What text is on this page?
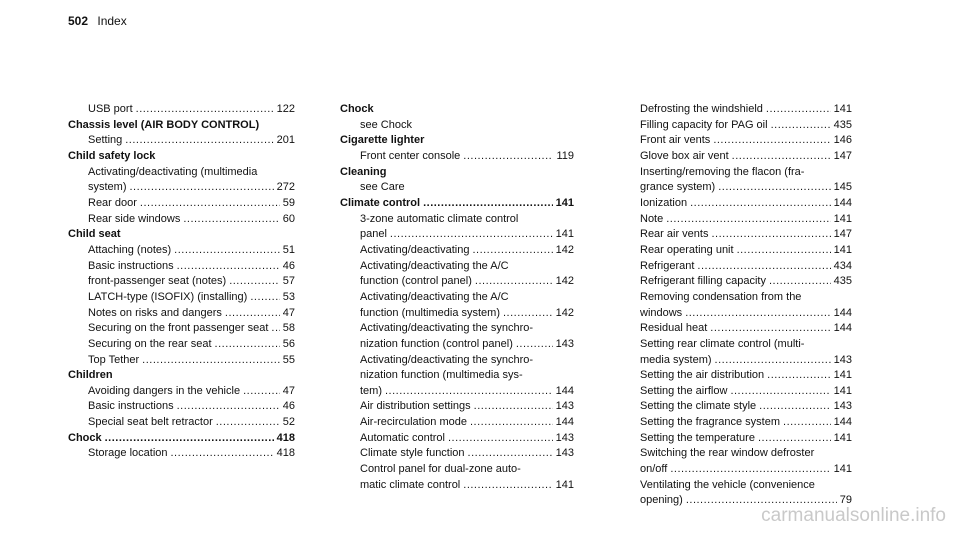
502 Index
USB port .....	122
Chassis level (AIR BODY CONTROL)
Setting .....	201
Child safety lock
Activating/deactivating (multimedia
system) .....	272
Rear door .....	59
Rear side windows .....	60
Child seat
Attaching (notes) .....	51
Basic instructions .....	46
front-passenger seat (notes) .....	57
LATCH-type (ISOFIX) (installing) .....	53
Notes on risks and dangers .....	47
Securing on the front passenger seat ..... 58
Securing on the rear seat .....	56
Top Tether .....	55
Children
Avoiding dangers in the vehicle .....	47
Basic instructions .....	46
Special seat belt retractor .....	52
Chock .....	418
Storage location .....	418
Chock
see Chock
Cigarette lighter
Front center console .....	119
Cleaning
see Care
Climate control .....	141
3-zone automatic climate control
panel .....	141
Activating/deactivating .....	142
Activating/deactivating the A/C
function (control panel) .....	142
Activating/deactivating the A/C
function (multimedia system) .....	142
Activating/deactivating the synchro-
nization function (control panel) .....	143
Activating/deactivating the synchro-
nization function (multimedia sys-
tem) .....	144
Air distribution settings .....	143
Air-recirculation mode .....	144
Automatic control .....	143
Climate style function .....	143
Control panel for dual-zone auto-
matic climate control .....	141
Defrosting the windshield .....	141
Filling capacity for PAG oil .....	435
Front air vents .....	146
Glove box air vent .....	147
Inserting/removing the flacon (fra-
grance system) .....	145
Ionization .....	144
Note .....	141
Rear air vents .....	147
Rear operating unit .....	141
Refrigerant .....	434
Refrigerant filling capacity .....	435
Removing condensation from the
windows .....	144
Residual heat .....	144
Setting rear climate control (multi-
media system) .....	143
Setting the air distribution .....	141
Setting the airflow .....	141
Setting the climate style .....	143
Setting the fragrance system .....	144
Setting the temperature .....	141
Switching the rear window defroster
on/off .....	141
Ventilating the vehicle (convenience
opening) .....	79
carmanualsonline.info
